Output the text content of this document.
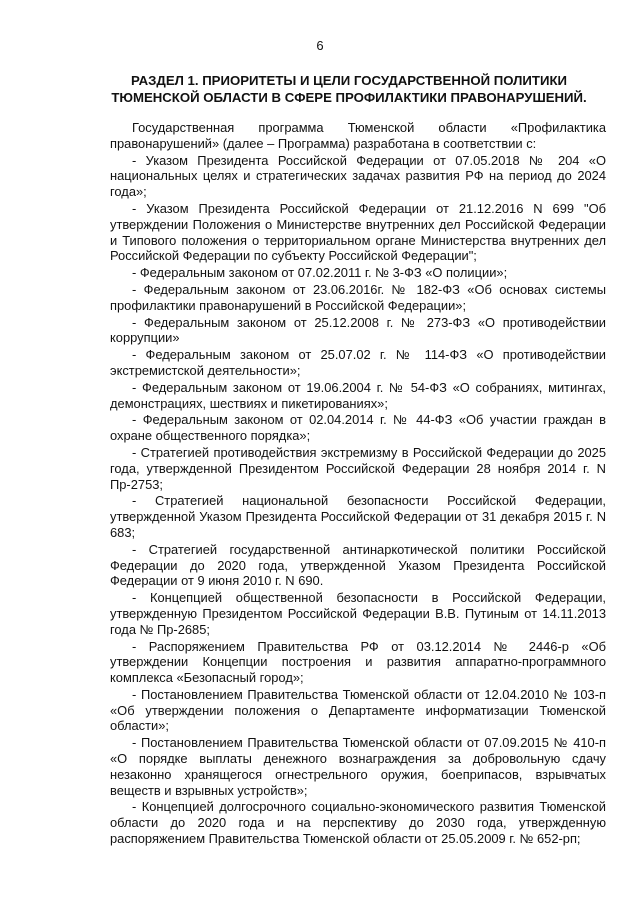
6
РАЗДЕЛ 1. ПРИОРИТЕТЫ И ЦЕЛИ ГОСУДАРСТВЕННОЙ ПОЛИТИКИ ТЮМЕНСКОЙ ОБЛАСТИ В СФЕРЕ ПРОФИЛАКТИКИ ПРАВОНАРУШЕНИЙ.

Государственная программа Тюменской области «Профилактика правонарушений» (далее – Программа) разработана в соответствии с:

- Указом Президента Российской Федерации от 07.05.2018 № 204 «О национальных целях и стратегических задачах развития РФ на период до 2024 года»;

- Указом Президента Российской Федерации от 21.12.2016 N 699 "Об утверждении Положения о Министерстве внутренних дел Российской Федерации и Типового положения о территориальном органе Министерства внутренних дел Российской Федерации по субъекту Российской Федерации";

- Федеральным законом от 07.02.2011 г. № 3-ФЗ «О полиции»;

- Федеральным законом от 23.06.2016г. № 182-ФЗ «Об основах системы профилактики правонарушений в Российской Федерации»;

- Федеральным законом от 25.12.2008 г. № 273-ФЗ «О противодействии коррупции»

- Федеральным законом от 25.07.02 г. № 114-ФЗ «О противодействии экстремистской деятельности»;

- Федеральным законом от 19.06.2004 г. № 54-ФЗ «О собраниях, митингах, демонстрациях, шествиях и пикетированиях»;

- Федеральным законом от 02.04.2014 г. № 44-ФЗ «Об участии граждан в охране общественного порядка»;

- Стратегией противодействия экстремизму в Российской Федерации до 2025 года, утвержденной Президентом Российской Федерации 28 ноября 2014 г. N Пр-2753;

- Стратегией национальной безопасности Российской Федерации, утвержденной Указом Президента Российской Федерации от 31 декабря 2015 г. N 683;

- Стратегией государственной антинаркотической политики Российской Федерации до 2020 года, утвержденной Указом Президента Российской Федерации от 9 июня 2010 г. N 690.

- Концепцией общественной безопасности в Российской Федерации, утвержденную Президентом Российской Федерации В.В. Путиным от 14.11.2013 года № Пр-2685;

- Распоряжением Правительства РФ от 03.12.2014 № 2446-р «Об утверждении Концепции построения и развития аппаратно-программного комплекса «Безопасный город»;

- Постановлением Правительства Тюменской области от 12.04.2010 № 103-п «Об утверждении положения о Департаменте информатизации Тюменской области»;

- Постановлением Правительства Тюменской области от 07.09.2015 № 410-п «О порядке выплаты денежного вознаграждения за добровольную сдачу незаконно хранящегося огнестрельного оружия, боеприпасов, взрывчатых веществ и взрывных устройств»;

- Концепцией долгосрочного социально-экономического развития Тюменской области до 2020 года и на перспективу до 2030 года, утвержденную распоряжением Правительства Тюменской области от 25.05.2009 г. № 652-рп;
